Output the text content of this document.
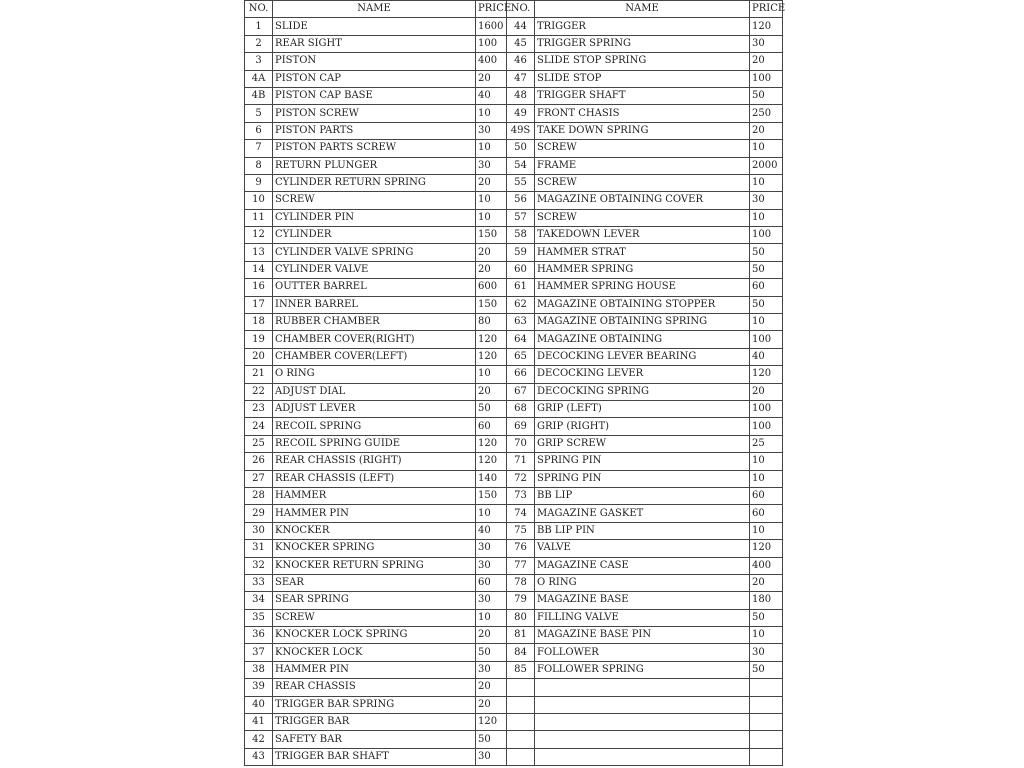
NO.	NAME	PRICE	NO.	NAME	PRICE
1	SLIDE	1600	44	TRIGGER	120
2	REAR SIGHT	100	45	TRIGGER SPRING	30
3	PISTON	400	46	SLIDE STOP SPRING	20
4A	PISTON CAP	20	47	SLIDE STOP	100
4B	PISTON CAP BASE	40	48	TRIGGER SHAFT	50
5	PISTON SCREW	10	49	FRONT CHASIS	250
6	PISTON PARTS	30	49S	TAKE DOWN SPRING	20
7	PISTON PARTS SCREW	10	50	SCREW	10
8	RETURN PLUNGER	30	54	FRAME	2000
9	CYLINDER RETURN SPRING	20	55	SCREW	10
10	SCREW	10	56	MAGAZINE OBTAINING COVER	30
11	CYLINDER PIN	10	57	SCREW	10
12	CYLINDER	150	58	TAKEDOWN LEVER	100
13	CYLINDER VALVE SPRING	20	59	HAMMER STRAT	50
14	CYLINDER VALVE	20	60	HAMMER SPRING	50
16	OUTTER BARREL	600	61	HAMMER SPRING HOUSE	60
17	INNER BARREL	150	62	MAGAZINE OBTAINING STOPPER	50
18	RUBBER CHAMBER	80	63	MAGAZINE OBTAINING SPRING	10
19	CHAMBER COVER(RIGHT)	120	64	MAGAZINE OBTAINING	100
20	CHAMBER COVER(LEFT)	120	65	DECOCKING LEVER BEARING	40
21	O RING	10	66	DECOCKING LEVER	120
22	ADJUST DIAL	20	67	DECOCKING SPRING	20
23	ADJUST LEVER	50	68	GRIP (LEFT)	100
24	RECOIL SPRING	60	69	GRIP (RIGHT)	100
25	RECOIL SPRING GUIDE	120	70	GRIP SCREW	25
26	REAR CHASSIS (RIGHT)	120	71	SPRING PIN	10
27	REAR CHASSIS (LEFT)	140	72	SPRING PIN	10
28	HAMMER	150	73	BB LIP	60
29	HAMMER PIN	10	74	MAGAZINE GASKET	60
30	KNOCKER	40	75	BB LIP PIN	10
31	KNOCKER SPRING	30	76	VALVE	120
32	KNOCKER RETURN SPRING	30	77	MAGAZINE CASE	400
33	SEAR	60	78	O RING	20
34	SEAR SPRING	30	79	MAGAZINE BASE	180
35	SCREW	10	80	FILLING VALVE	50
36	KNOCKER LOCK SPRING	20	81	MAGAZINE BASE PIN	10
37	KNOCKER LOCK	50	84	FOLLOWER	30
38	HAMMER PIN	30	85	FOLLOWER SPRING	50
39	REAR CHASSIS	20			
40	TRIGGER BAR SPRING	20			
41	TRIGGER BAR	120			
42	SAFETY BAR	50			
43	TRIGGER BAR SHAFT	30			
